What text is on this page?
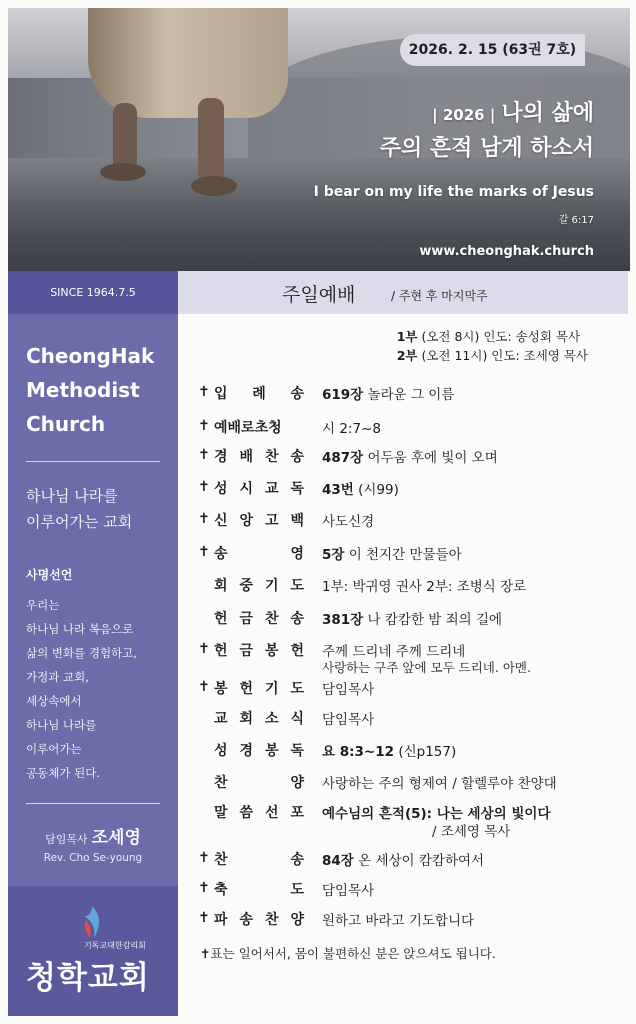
2026. 2. 15 (63권 7호)
| 2026 | 나의 삶에
주의 흔적 남게 하소서
I bear on my life the marks of Jesus
갈 6:17
www.cheonghak.church
SINCE 1964.7.5
CheongHak
Methodist
Church
하나님 나라를
이루어가는 교회
사명선언
우리는
하나님 나라 복음으로
삶의 변화를 경험하고,
가정과 교회,
세상속에서
하나님 나라를
이루어가는
공동체가 된다.
담임목사 조세영
Rev. Cho Se-young
기독교대한감리회
청학교회
주일예배	/ 주현 후 마지막주
1부 (오전 8시) 인도: 송성회 목사
2부 (오전 11시) 인도: 조세영 목사
✝ 입 례 송 619장 놀라운 그 이름
✝ 예배로초청	시 2:7~8
✝ 경 배 찬 송 487장 어두움 후에 빛이 오며
✝ 성 시 교 독 43번 (시99)
✝ 신 앙 고 백 사도신경
✝ 송	영 5장 이 천지간 만물들아
회 중 기 도 1부: 박귀영 권사 2부: 조병식 장로
헌 금 찬 송 381장 나 캄캄한 밤 죄의 길에
✝ 헌 금 봉 헌 주께 드리네 주께 드리네
사랑하는 구주 앞에 모두 드리네. 아멘.
✝ 봉 헌 기 도 담임목사
교 회 소 식 담임목사
성 경 봉 독 요 8:3~12 (신p157)
찬	양 사랑하는 주의 형제여 / 할렐루야 찬양대
말 씀 선 포 예수님의 흔적(5): 나는 세상의 빛이다
/ 조세영 목사
✝ 찬	송 84장 온 세상이 캄캄하여서
✝ 축	도 담임목사
✝ 파 송 찬 양 원하고 바라고 기도합니다
✝표는 일어서서, 몸이 불편하신 분은 앉으셔도 됩니다.
